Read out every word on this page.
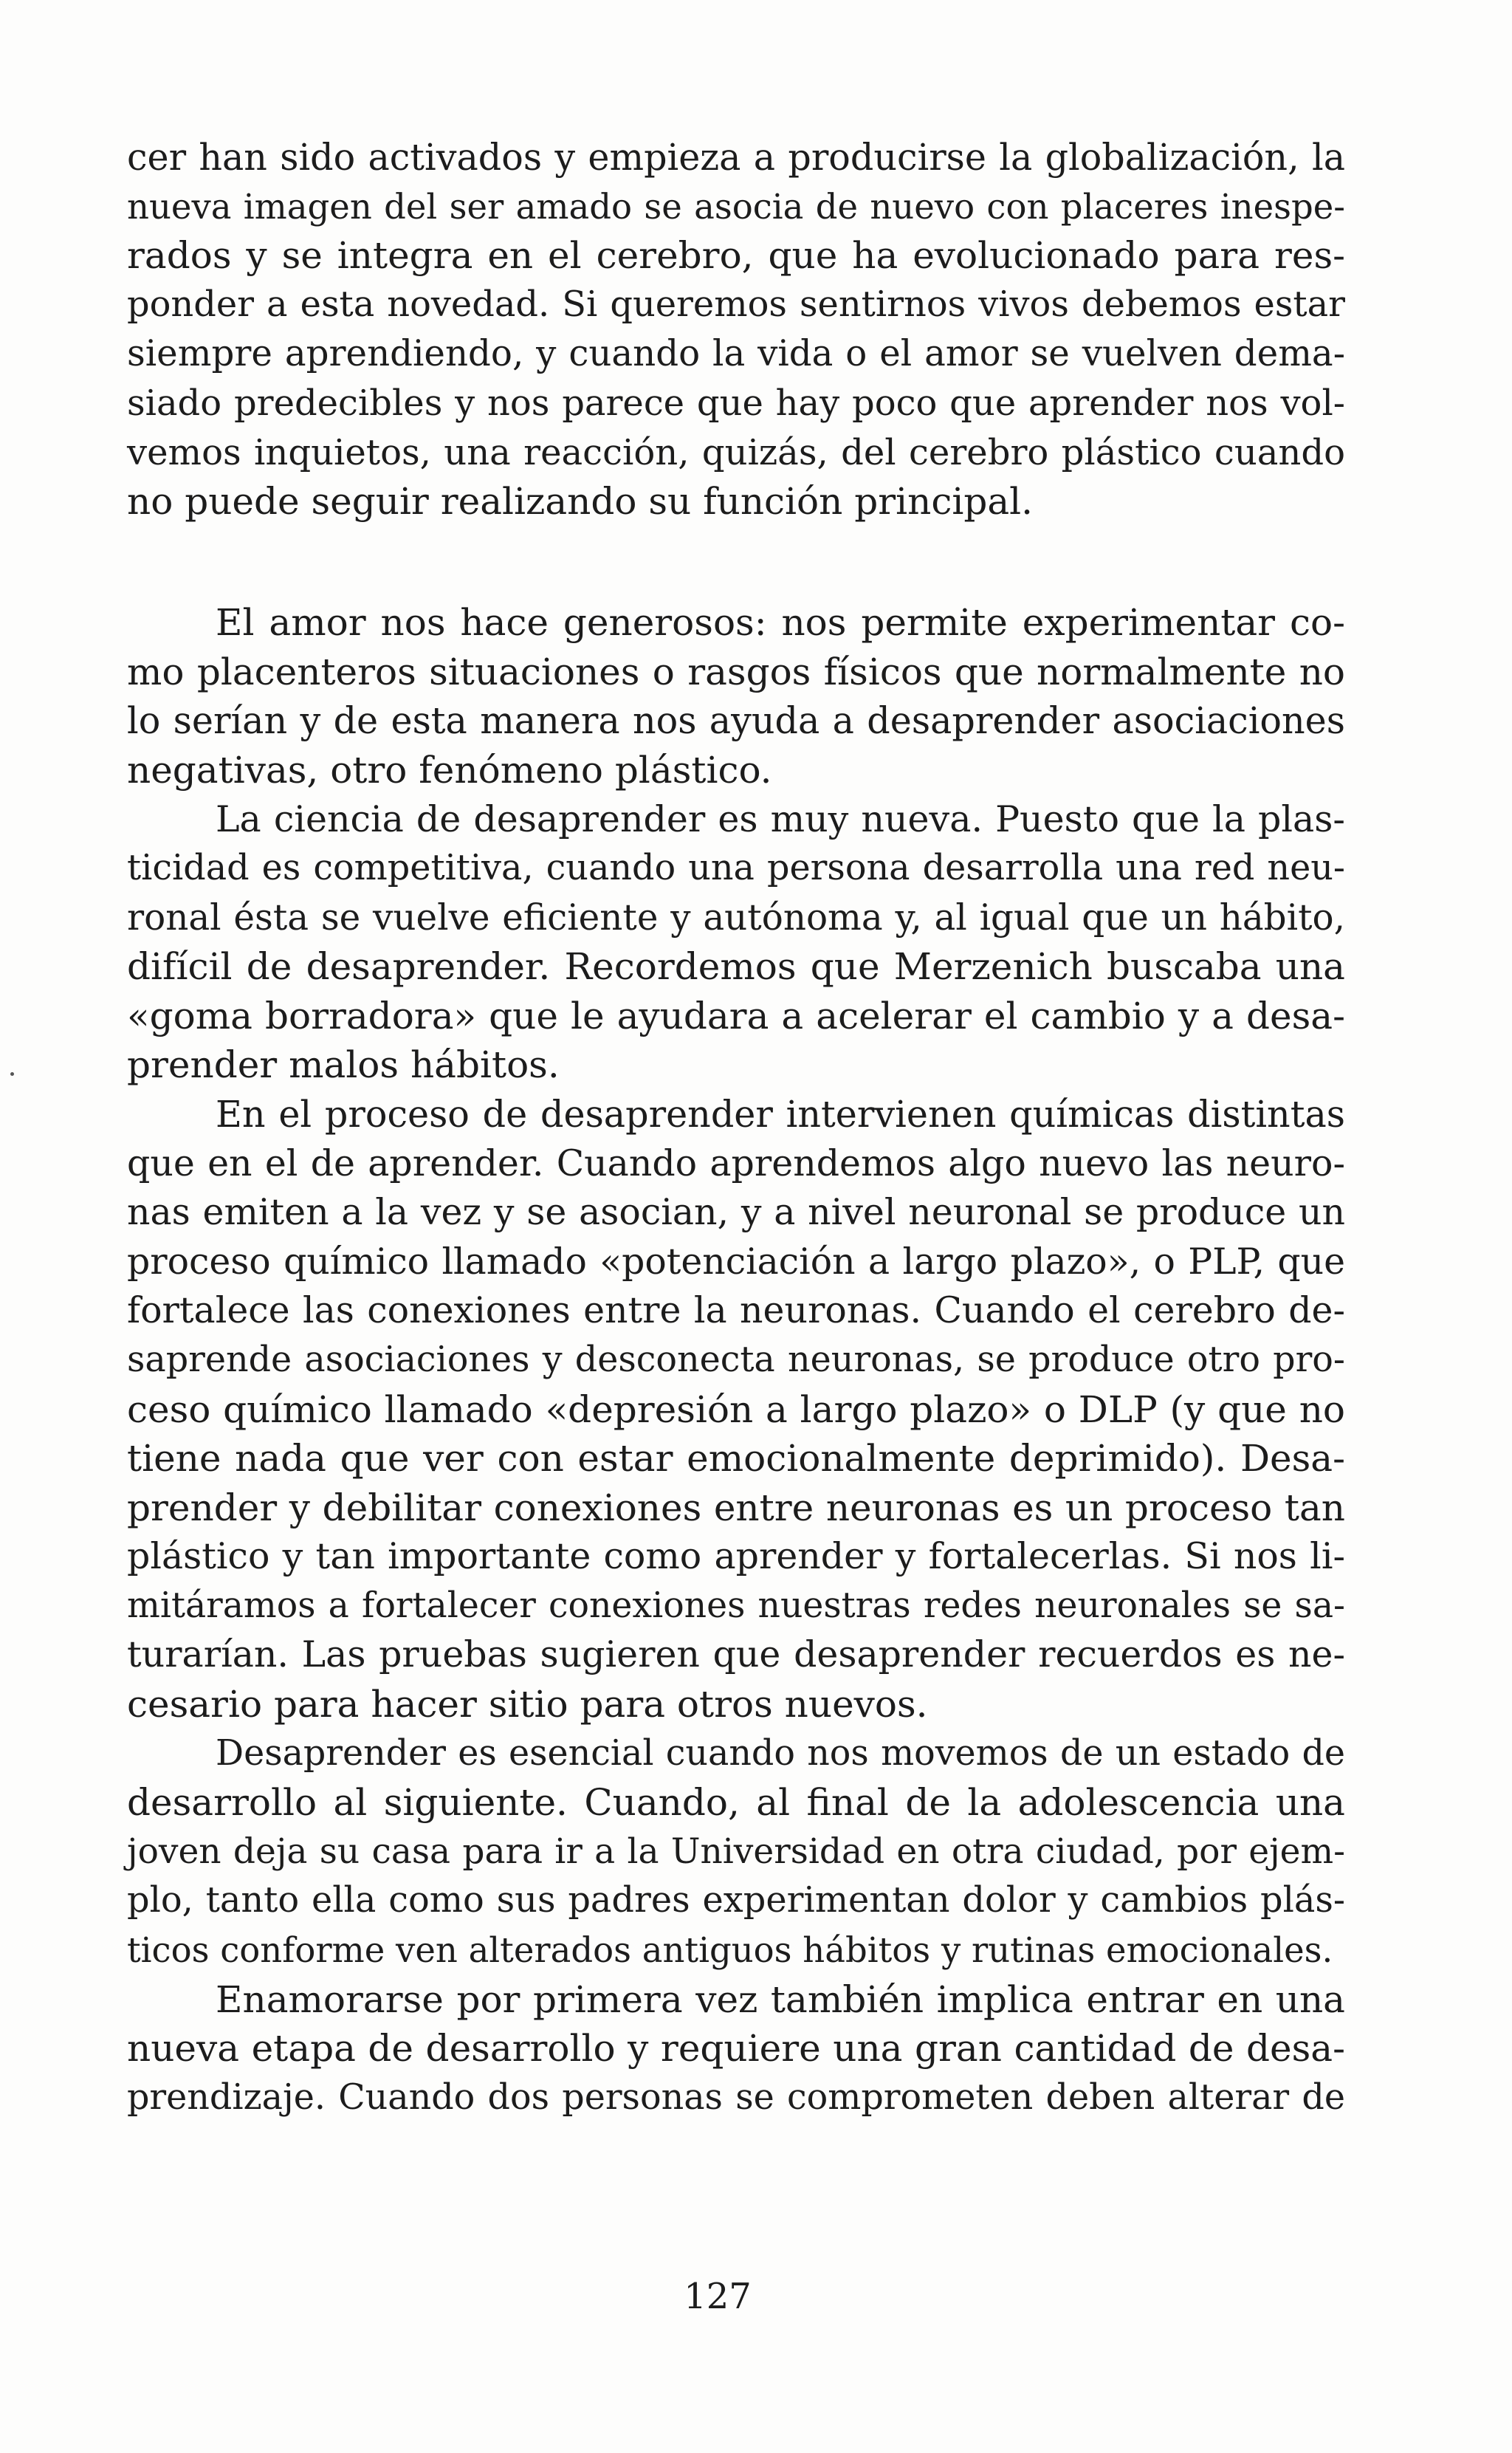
cer han sido activados y empieza a producirse la globalización, la
nueva imagen del ser amado se asocia de nuevo con placeres inespe-
rados y se integra en el cerebro, que ha evolucionado para res-
ponder a esta novedad. Si queremos sentirnos vivos debemos estar
siempre aprendiendo, y cuando la vida o el amor se vuelven dema-
siado predecibles y nos parece que hay poco que aprender nos vol-
vemos inquietos, una reacción, quizás, del cerebro plástico cuando
no puede seguir realizando su función principal.
El amor nos hace generosos: nos permite experimentar co-
mo placenteros situaciones o rasgos físicos que normalmente no
lo serían y de esta manera nos ayuda a desaprender asociaciones
negativas, otro fenómeno plástico.
La ciencia de desaprender es muy nueva. Puesto que la plas-
ticidad es competitiva, cuando una persona desarrolla una red neu-
ronal ésta se vuelve eficiente y autónoma y, al igual que un hábito,
difícil de desaprender. Recordemos que Merzenich buscaba una
«goma borradora» que le ayudara a acelerar el cambio y a desa-
prender malos hábitos.
En el proceso de desaprender intervienen químicas distintas
que en el de aprender. Cuando aprendemos algo nuevo las neuro-
nas emiten a la vez y se asocian, y a nivel neuronal se produce un
proceso químico llamado «potenciación a largo plazo», o PLP, que
fortalece las conexiones entre la neuronas. Cuando el cerebro de-
saprende asociaciones y desconecta neuronas, se produce otro pro-
ceso químico llamado «depresión a largo plazo» o DLP (y que no
tiene nada que ver con estar emocionalmente deprimido). Desa-
prender y debilitar conexiones entre neuronas es un proceso tan
plástico y tan importante como aprender y fortalecerlas. Si nos li-
mitáramos a fortalecer conexiones nuestras redes neuronales se sa-
turarían. Las pruebas sugieren que desaprender recuerdos es ne-
cesario para hacer sitio para otros nuevos.
Desaprender es esencial cuando nos movemos de un estado de
desarrollo al siguiente. Cuando, al final de la adolescencia una
joven deja su casa para ir a la Universidad en otra ciudad, por ejem-
plo, tanto ella como sus padres experimentan dolor y cambios plás-
ticos conforme ven alterados antiguos hábitos y rutinas emocionales.
Enamorarse por primera vez también implica entrar en una
nueva etapa de desarrollo y requiere una gran cantidad de desa-
prendizaje. Cuando dos personas se comprometen deben alterar de
127
